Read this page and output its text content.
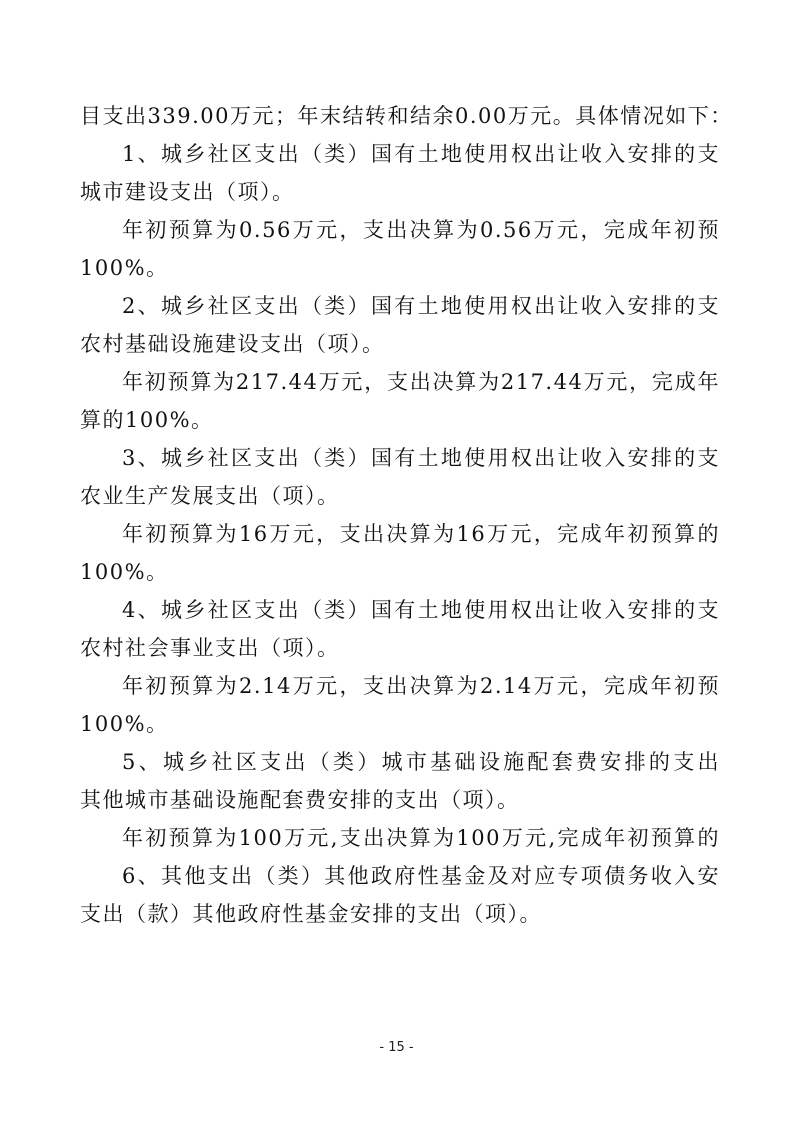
目支出339.00万元；年末结转和结余0.00万元。具体情况如下：

1、城乡社区支出（类）国有土地使用权出让收入安排的支

城市建设支出（项）。

年初预算为0.56万元，支出决算为0.56万元，完成年初预

100%。

2、城乡社区支出（类）国有土地使用权出让收入安排的支

农村基础设施建设支出（项）。

年初预算为217.44万元，支出决算为217.44万元，完成年

算的100%。

3、城乡社区支出（类）国有土地使用权出让收入安排的支

农业生产发展支出（项）。

年初预算为16万元，支出决算为16万元，完成年初预算的

100%。

4、城乡社区支出（类）国有土地使用权出让收入安排的支

农村社会事业支出（项）。

年初预算为2.14万元，支出决算为2.14万元，完成年初预

100%。

5、城乡社区支出（类）城市基础设施配套费安排的支出

其他城市基础设施配套费安排的支出（项）。

年初预算为100万元,支出决算为100万元,完成年初预算的

6、其他支出（类）其他政府性基金及对应专项债务收入安

支出（款）其他政府性基金安排的支出（项）。

- 15 -
